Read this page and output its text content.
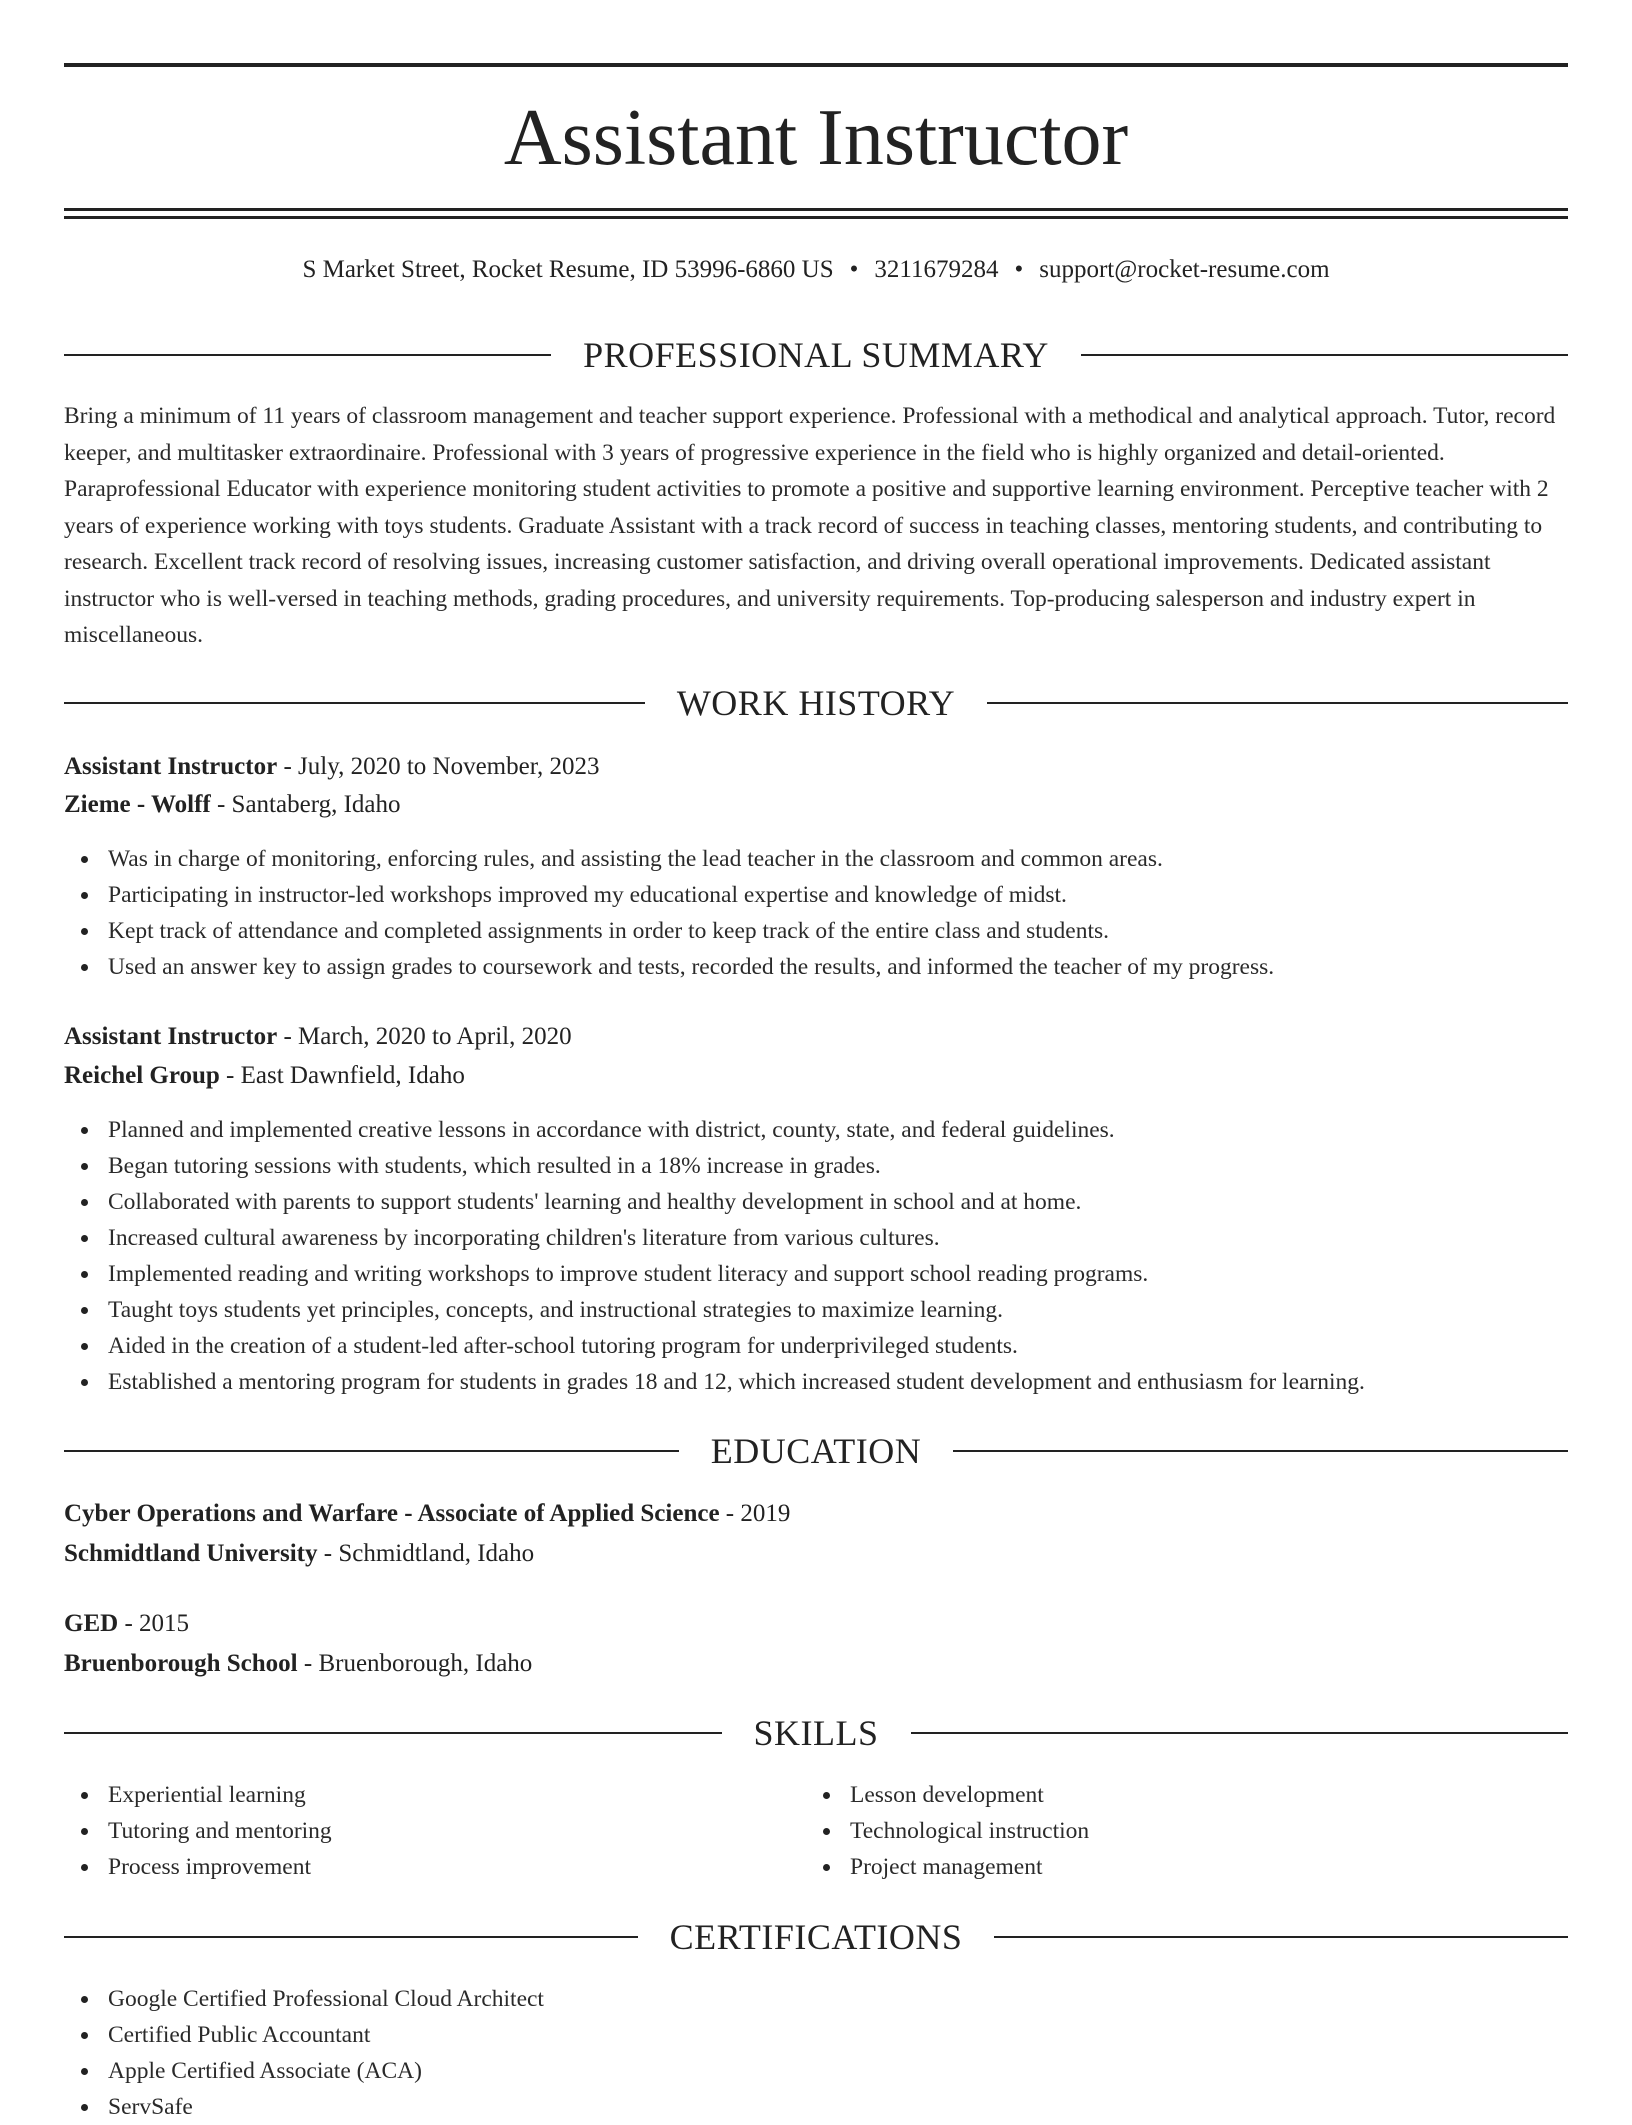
Assistant Instructor
S Market Street, Rocket Resume, ID 53996-6860 US • 3211679284 • support@rocket-resume.com
PROFESSIONAL SUMMARY

Bring a minimum of 11 years of classroom management and teacher support experience. Professional with a methodical and analytical approach. Tutor, record keeper, and multitasker extraordinaire. Professional with 3 years of progressive experience in the field who is highly organized and detail-oriented. Paraprofessional Educator with experience monitoring student activities to promote a positive and supportive learning environment. Perceptive teacher with 2 years of experience working with toys students. Graduate Assistant with a track record of success in teaching classes, mentoring students, and contributing to research. Excellent track record of resolving issues, increasing customer satisfaction, and driving overall operational improvements. Dedicated assistant instructor who is well-versed in teaching methods, grading procedures, and university requirements. Top-producing salesperson and industry expert in miscellaneous.

WORK HISTORY
Assistant Instructor - July, 2020 to November, 2023
Zieme - Wolff - Santaberg, Idaho
Was in charge of monitoring, enforcing rules, and assisting the lead teacher in the classroom and common areas.
Participating in instructor-led workshops improved my educational expertise and knowledge of midst.
Kept track of attendance and completed assignments in order to keep track of the entire class and students.
Used an answer key to assign grades to coursework and tests, recorded the results, and informed the teacher of my progress.
Assistant Instructor - March, 2020 to April, 2020
Reichel Group - East Dawnfield, Idaho
Planned and implemented creative lessons in accordance with district, county, state, and federal guidelines.
Began tutoring sessions with students, which resulted in a 18% increase in grades.
Collaborated with parents to support students' learning and healthy development in school and at home.
Increased cultural awareness by incorporating children's literature from various cultures.
Implemented reading and writing workshops to improve student literacy and support school reading programs.
Taught toys students yet principles, concepts, and instructional strategies to maximize learning.
Aided in the creation of a student-led after-school tutoring program for underprivileged students.
Established a mentoring program for students in grades 18 and 12, which increased student development and enthusiasm for learning.
EDUCATION
Cyber Operations and Warfare - Associate of Applied Science - 2019
Schmidtland University - Schmidtland, Idaho
GED - 2015
Bruenborough School - Bruenborough, Idaho
SKILLS
Experiential learning
Tutoring and mentoring
Process improvement
Lesson development
Technological instruction
Project management
CERTIFICATIONS
Google Certified Professional Cloud Architect
Certified Public Accountant
Apple Certified Associate (ACA)
ServSafe
